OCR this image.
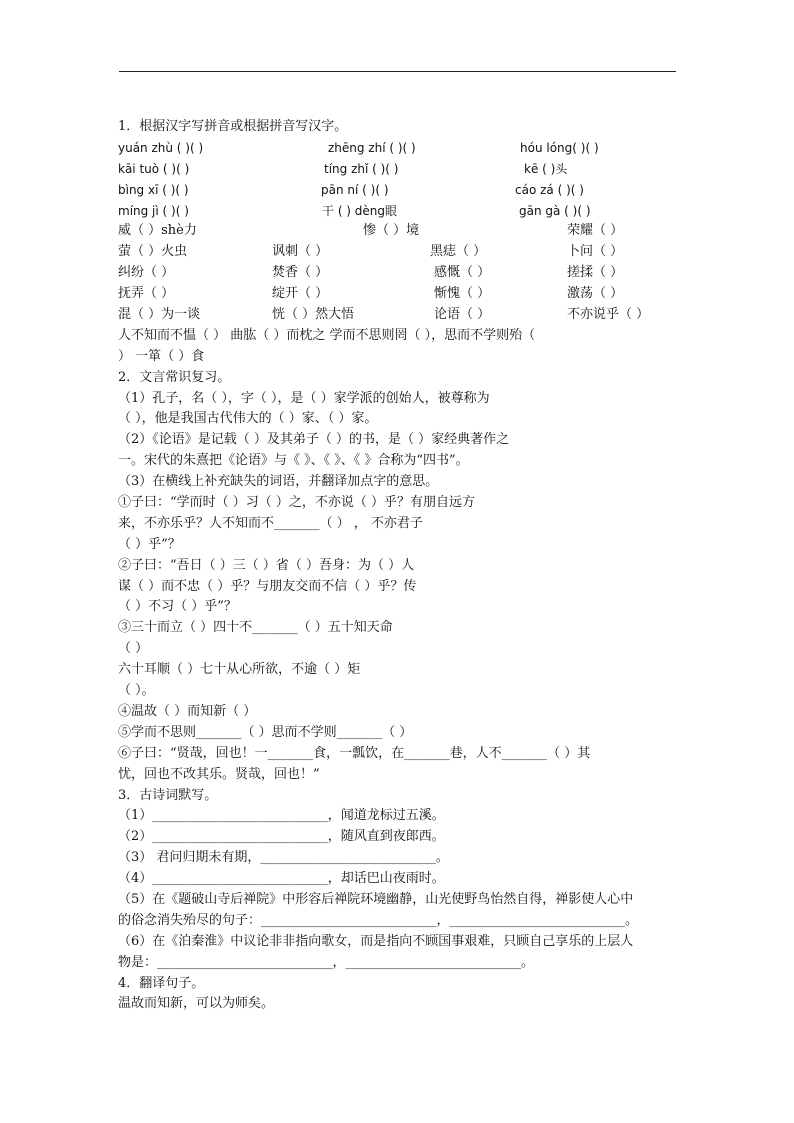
1．根据汉字写拼音或根据拼音写汉字。
yuán zhù ( )( )	zhēng zhí ( )( )	hóu lóng( )( )
kāi tuò ( )( )	tíng zhǐ ( )( )	kē ( )头
bìng xī ( )( )	pān ní ( )( )	cáo zá ( )( )
míng jì ( )( )	干 ( ) dèng眼	gān gà ( )( )
威（ ）shè力	惨（ ）境	荣耀（ ）
萤（ ）火虫	讽刺（ ）	黑痣（ ）	卜问（ ）
纠纷（ ）	焚香（ ）	感慨（ ）	搓揉（ ）
抚弄（ ）	绽开（ ）	惭愧（ ）	激荡（ ）
混（ ）为一谈	恍（ ）然大悟	论语（ ）	不亦说乎（ ）
人不知而不愠（ ） 曲肱（ ）而枕之 学而不思则罔（ ），思而不学则殆（
） 一箪（ ）食
2．文言常识复习。
（1）孔子，名（ ），字（ ），是（ ）家学派的创始人，被尊称为
（ ），他是我国古代伟大的（ ）家、（ ）家。
（2）《论语》是记载（ ）及其弟子（ ）的书，是（ ）家经典著作之
一。宋代的朱熹把《论语》与《 》、《 》、《 》合称为“四书”。
（3）在横线上补充缺失的词语，并翻译加点字的意思。
①子曰：“学而时（ ）习（ ）之，不亦说（ ）乎？有朋自远方
来，不亦乐乎？人不知而不_______（ ） ， 不亦君子
（ ）乎”？
②子曰：“吾日（ ）三（ ）省（ ）吾身：为（ ）人
谋（ ）而不忠（ ）乎？与朋友交而不信（ ）乎？传
（ ）不习（ ）乎”？
③三十而立（ ）四十不_______（ ）五十知天命
（ ）
六十耳顺（ ）七十从心所欲，不逾（ ）矩
（ ）。
④温故（ ）而知新（ ）
⑤学而不思则_______（ ）思而不学则_______（ ）
⑥子曰：“贤哉，回也！一_______食，一瓢饮，在_______巷，人不_______（ ）其
忧，回也不改其乐。贤哉，回也！”
3．古诗词默写。
（1）___________________________，闻道龙标过五溪。
（2）___________________________，随风直到夜郎西。
（3） 君问归期未有期，___________________________。
（4）___________________________，却话巴山夜雨时。
（5）在《题破山寺后禅院》中形容后禅院环境幽静，山光使野鸟怡然自得，禅影使人心中
的俗念消失殆尽的句子：___________________________，___________________________。
（6）在《泊秦淮》中议论非非指向歌女，而是指向不顾国事艰难，只顾自己享乐的上层人
物是：___________________________，___________________________。
4．翻译句子。
温故而知新，可以为师矣。
